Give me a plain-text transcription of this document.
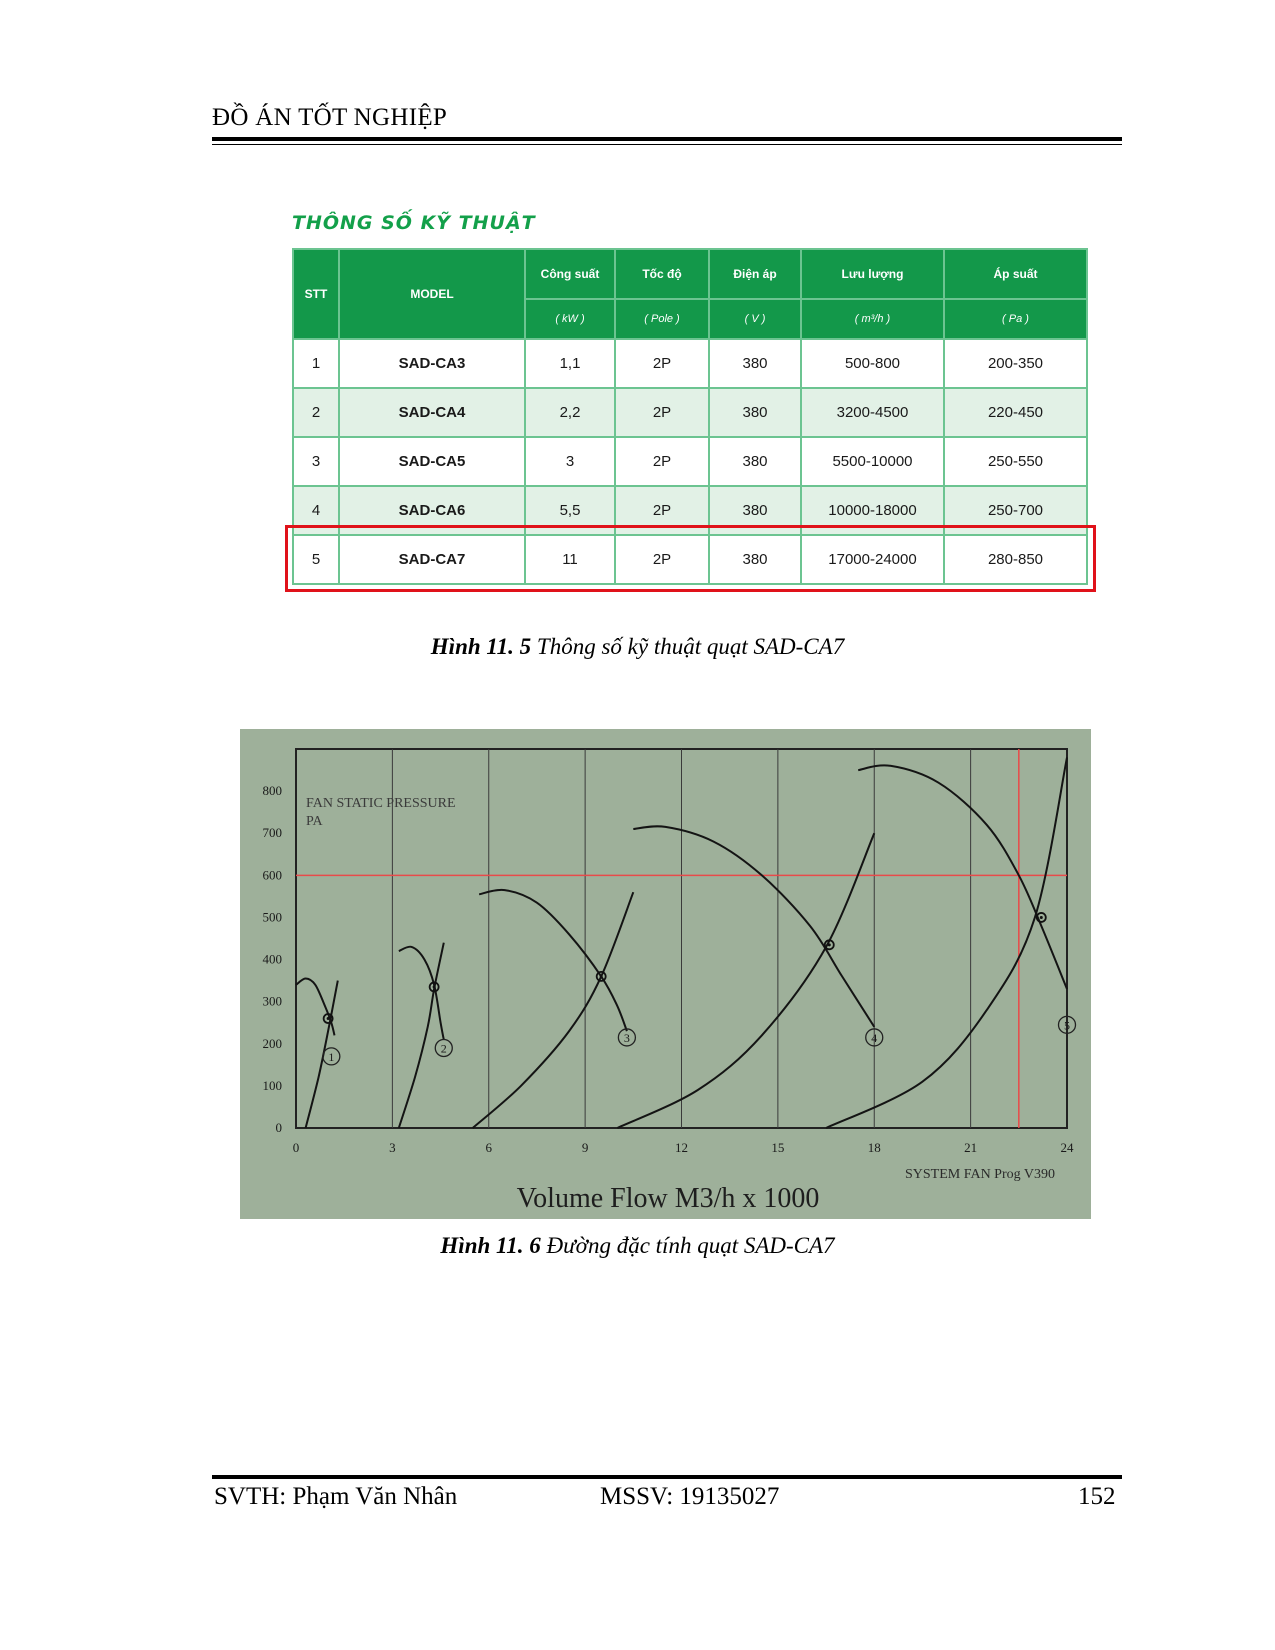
ĐỒ ÁN TỐT NGHIỆP
THÔNG SỐ KỸ THUẬT
STT	MODEL	Công suất	Tốc độ	Điện áp	Lưu lượng	Áp suất
		( kW )	( Pole )	( V )	( m³/h )	( Pa )
1	SAD-CA3	1,1	2P	380	500-800	200-350
2	SAD-CA4	2,2	2P	380	3200-4500	220-450
3	SAD-CA5	3	2P	380	5500-10000	250-550
4	SAD-CA6	5,5	2P	380	10000-18000	250-700
5	SAD-CA7	11	2P	380	17000-24000	280-850
Hình 11. 5 Thông số kỹ thuật quạt SAD-CA7
0	3	6	9	12	15	18	21	24
0
100
200
300
400
500
600
700
800
1
2
3	4
5
FAN STATIC PRESSURE
PA
SYSTEM FAN Prog V390
Volume Flow M3/h x 1000
Hình 11. 6 Đường đặc tính quạt SAD-CA7
SVTH: Phạm Văn Nhân	MSSV: 19135027	152
